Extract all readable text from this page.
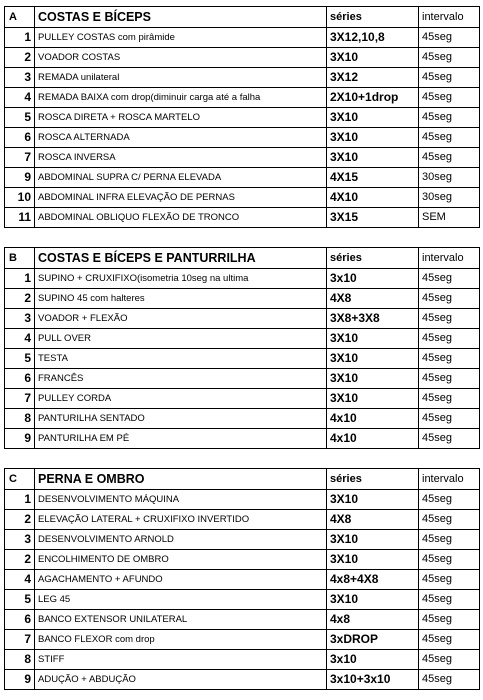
A	COSTAS E BÍCEPS	séries	intervalo
1	PULLEY COSTAS com pirâmide	3X12,10,8	45seg
2	VOADOR COSTAS	3X10	45seg
3	REMADA unilateral	3X12	45seg
4	REMADA BAIXA com drop(diminuir carga até a falha	2X10+1drop	45seg
5	ROSCA DIRETA + ROSCA MARTELO	3X10	45seg
6	ROSCA ALTERNADA	3X10	45seg
7	ROSCA INVERSA	3X10	45seg
9	ABDOMINAL SUPRA C/ PERNA ELEVADA	4X15	30seg
10	ABDOMINAL INFRA ELEVAÇÃO DE PERNAS	4X10	30seg
11	ABDOMINAL OBLIQUO FLEXÃO DE TRONCO	3X15	SEM
B	COSTAS E BÍCEPS E PANTURRILHA	séries	intervalo
1	SUPINO + CRUXIFIXO(isometria 10seg na ultima	3x10	45seg
2	SUPINO 45 com halteres	4X8	45seg
3	VOADOR + FLEXÃO	3X8+3X8	45seg
4	PULL OVER	3X10	45seg
5	TESTA	3X10	45seg
6	FRANCÊS	3X10	45seg
7	PULLEY CORDA	3X10	45seg
8	PANTURILHA SENTADO	4x10	45seg
9	PANTURILHA EM PÉ	4x10	45seg
C	PERNA E OMBRO	séries	intervalo
1	DESENVOLVIMENTO MÁQUINA	3X10	45seg
2	ELEVAÇÃO LATERAL + CRUXIFIXO INVERTIDO	4X8	45seg
3	DESENVOLVIMENTO ARNOLD	3X10	45seg
2	ENCOLHIMENTO DE OMBRO	3X10	45seg
4	AGACHAMENTO + AFUNDO	4x8+4X8	45seg
5	LEG 45	3X10	45seg
6	BANCO EXTENSOR UNILATERAL	4x8	45seg
7	BANCO FLEXOR com drop	3xDROP	45seg
8	STIFF	3x10	45seg
9	ADUÇÃO + ABDUÇÃO	3x10+3x10	45seg
